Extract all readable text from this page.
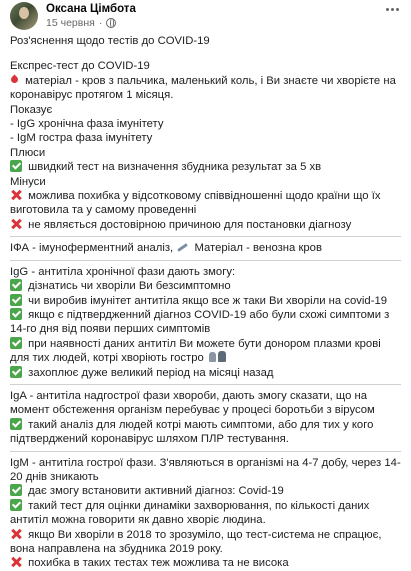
Оксана Цімбота
15 червня ·
Роз'яснення щодо тестів до COVID-19
Експрес-тест до COVID-19
матеріал - кров з пальчика, маленький коль, і Ви знаєте чи хворієте на коронавірус протягом 1 місяця.
Показує
- IgG хронічна фаза імунітету
- IgM гостра фаза імунітету
Плюси
швидкий тест на визначення збудника результат за 5 хв
Мінуси
можлива похибка у відсотковому співвідношенні щодо країни що їх виготовила та у самому проведенні
не являється достовірною причиною для постановки діагнозу
ІФА - імуноферментний аналіз,  Матеріал - венозна кров
IgG - антитіла хронічної фази дають змогу:
дізнатись чи хворіли Ви безсимптомно
чи виробив імунітет антитіла якщо все ж таки Ви хворіли на covid-19
якщо є підтвердженний діагноз COVID-19 або були схожі симптоми з 14-го дня від появи перших симптомів
при наявності даних антитіл Ви можете бути донором плазми крові для тих людей, котрі хворіють гостро
захоплює дуже великий період на місяці назад
IgA - антитіла надгострої фази хвороби, дають змогу сказати, що на момент обстеження організм перебуває у процесі боротьби з вірусом
такий аналіз для людей котрі мають симптоми, або для тих у кого підтверджений коронавірус шляхом ПЛР тестування.
IgM - антитіла гострої фази. З'являються в організмі на 4-7 добу, через 14-20 днів зникають
дає змогу встановити активний діагноз: Covid-19
такий тест для оцінки динаміки захворювання, по кількості даних антитіл можна говорити як давно хворіє людина.
якщо Ви хворіли в 2018 то зрозуміло, що тест-система не спрацює, вона направлена на збудника 2019 року.
похибка в таких тестах теж можлива та не висока
